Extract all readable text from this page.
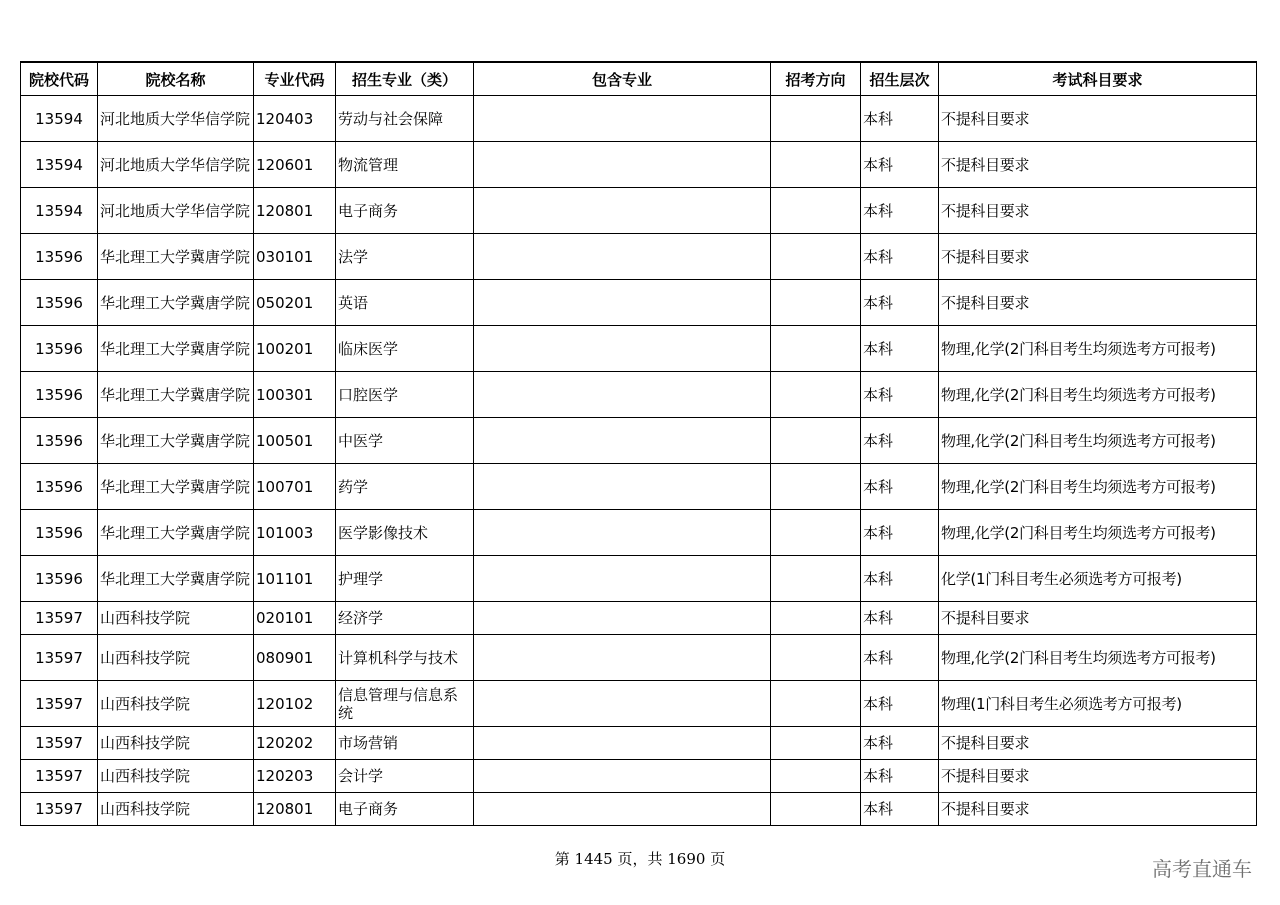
院校代码	院校名称	专业代码	招生专业（类）	包含专业	招考方向	招生层次	考试科目要求
13594	河北地质大学华信学院	120403	劳动与社会保障			本科	不提科目要求
13594	河北地质大学华信学院	120601	物流管理			本科	不提科目要求
13594	河北地质大学华信学院	120801	电子商务			本科	不提科目要求
13596	华北理工大学冀唐学院	030101	法学			本科	不提科目要求
13596	华北理工大学冀唐学院	050201	英语			本科	不提科目要求
13596	华北理工大学冀唐学院	100201	临床医学			本科	物理,化学(2门科目考生均须选考方可报考)
13596	华北理工大学冀唐学院	100301	口腔医学			本科	物理,化学(2门科目考生均须选考方可报考)
13596	华北理工大学冀唐学院	100501	中医学			本科	物理,化学(2门科目考生均须选考方可报考)
13596	华北理工大学冀唐学院	100701	药学			本科	物理,化学(2门科目考生均须选考方可报考)
13596	华北理工大学冀唐学院	101003	医学影像技术			本科	物理,化学(2门科目考生均须选考方可报考)
13596	华北理工大学冀唐学院	101101	护理学			本科	化学(1门科目考生必须选考方可报考)
13597	山西科技学院	020101	经济学			本科	不提科目要求
13597	山西科技学院	080901	计算机科学与技术			本科	物理,化学(2门科目考生均须选考方可报考)
13597	山西科技学院	120102	信息管理与信息系统			本科	物理(1门科目考生必须选考方可报考)
13597	山西科技学院	120202	市场营销			本科	不提科目要求
13597	山西科技学院	120203	会计学			本科	不提科目要求
13597	山西科技学院	120801	电子商务			本科	不提科目要求
第 1445 页，共 1690 页	高考直通车
